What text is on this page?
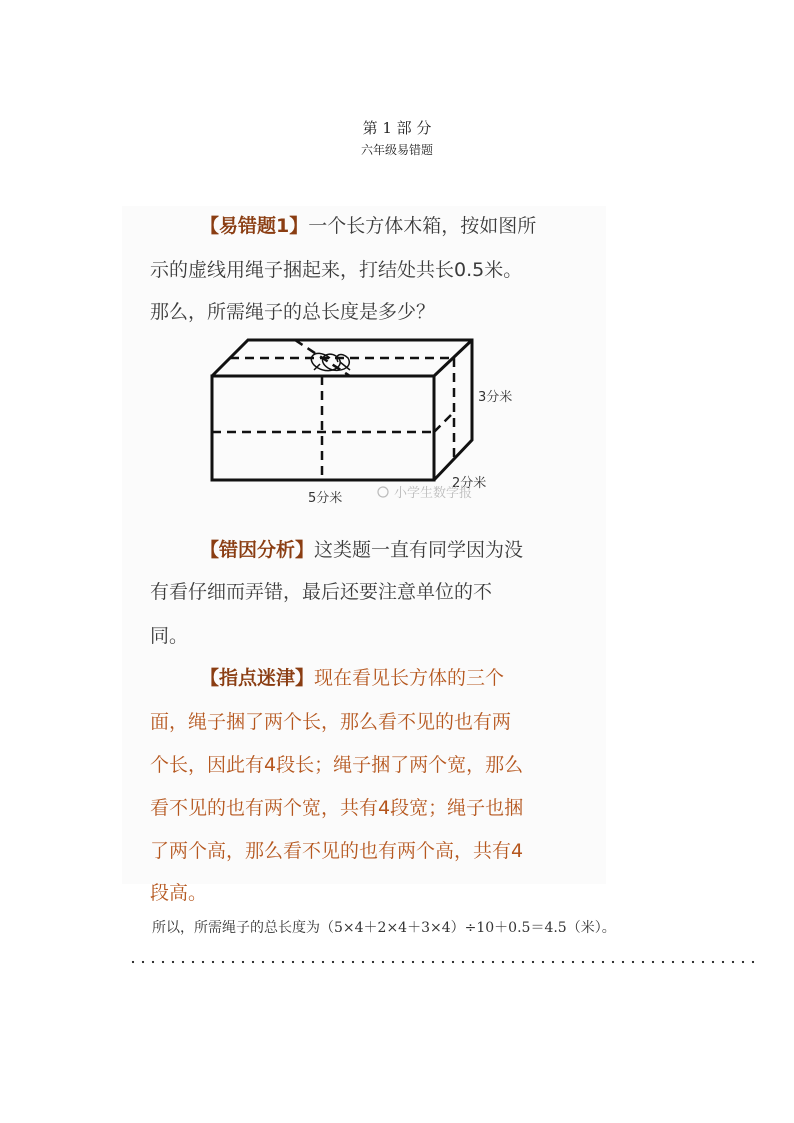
第 1 部 分
六年级易错题
【易错题1】一个长方体木箱，按如图所
示的虚线用绳子捆起来，打结处共长0.5米。
那么，所需绳子的总长度是多少？
3分米
2分米
5分米	小学生数学报
【错因分析】这类题一直有同学因为没
有看仔细而弄错，最后还要注意单位的不
同。
【指点迷津】现在看见长方体的三个
面，绳子捆了两个长，那么看不见的也有两
个长，因此有4段长；绳子捆了两个宽，那么
看不见的也有两个宽，共有4段宽；绳子也捆
了两个高，那么看不见的也有两个高，共有4
段高。
所以，所需绳子的总长度为（5×4＋2×4＋3×4）÷10＋0.5＝4.5（米）。
